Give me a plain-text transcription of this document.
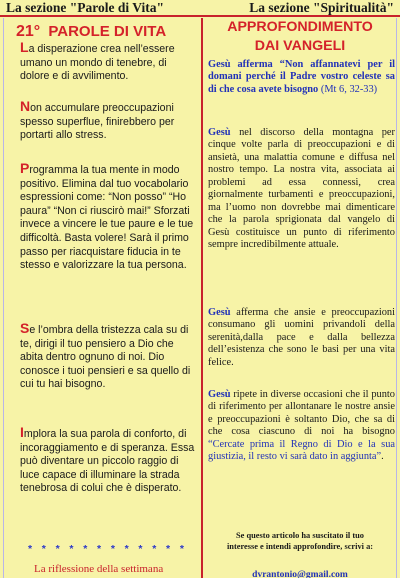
La sezione "Parole di Vita"	La sezione "Spiritualità"
21° PAROLE DI VITA
La disperazione crea nell’essere umano un mondo di tenebre, di dolore e di avvilimento.
Non accumulare preoccupazioni spesso superflue, finirebbero per portarti allo stress.
Programma la tua mente in modo positivo. Elimina dal tuo vocabolario espressioni come: “Non posso” “Ho paura” “Non ci riuscirò mai!” Sforzati invece a vincere le tue paure e le tue difficoltà. Basta volere! Sarà il primo passo per riacquistare fiducia in te stesso e valorizzare la tua persona.
Se l’ombra della tristezza cala su di te, dirigi il tuo pensiero a Dio che abita dentro ognuno di noi. Dio conosce i tuoi pensieri e sa quello di cui tu hai bisogno.
Implora la sua parola di conforto, di incoraggiamento e di speranza. Essa può diventare un piccolo raggio di luce capace di illuminare la strada tenebrosa di colui che è disperato.
* * * * * * * * * * * *
La riflessione della settimana
APPROFONDIMENTO
DAI VANGELI
Gesù afferma “Non affannatevi per il domani perché il Padre vostro celeste sa di che cosa avete bisogno (Mt 6, 32-33)
Gesù nel discorso della montagna per cinque volte parla di preoccupazioni e di ansietà, una malattia comune e diffusa nel nostro tempo. La nostra vita, associata ai problemi ad essa connessi, crea giornalmente turbamenti e preoccupazioni, ma l’uomo non dovrebbe mai dimenticare che la parola sprigionata dal vangelo di Gesù costituisce un punto di riferimento sempre incredibilmente attuale.
Gesù afferma che ansie e preoccupazioni consumano gli uomini privandoli della serenità,dalla pace e dalla bellezza dell’esistenza che sono le basi per una vita felice.
Gesù ripete in diverse occasioni che il punto di riferimento per allontanare le nostre ansie e preoccupazioni è soltanto Dio, che sa di che cosa ciascuno di noi ha bisogno “Cercate prima il Regno di Dio e la sua giustizia, il resto vi sarà dato in aggiunta”.
Se questo articolo ha suscitato il tuo
interesse e intendi approfondire, scrivi a:
dvrantonio@gmail.com
